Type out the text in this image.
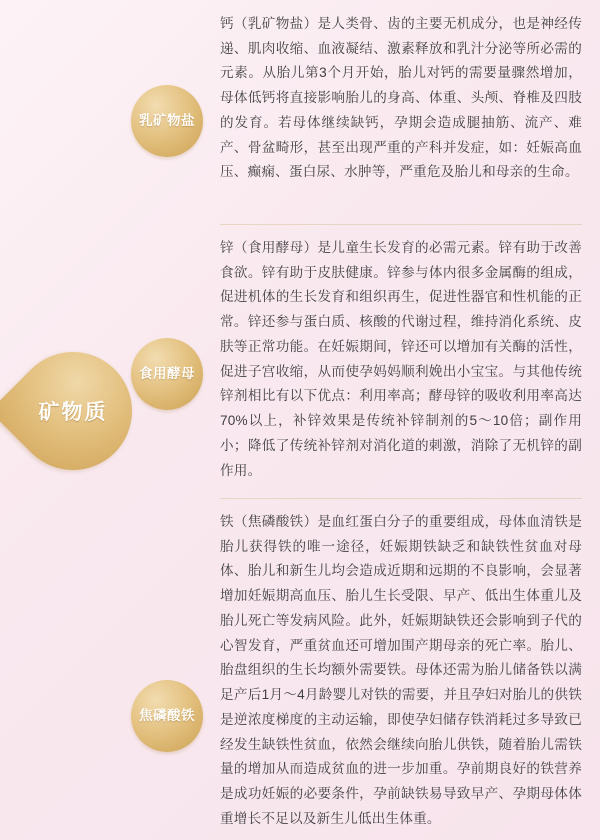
矿物质
乳矿物盐
食用酵母
焦磷酸铁
钙（乳矿物盐）是人类骨、齿的主要无机成分，也是神经传递、肌肉收缩、血液凝结、激素释放和乳汁分泌等所必需的元素。从胎儿第3个月开始，胎儿对钙的需要量骤然增加，母体低钙将直接影响胎儿的身高、体重、头颅、脊椎及四肢的发育。若母体继续缺钙，孕期会造成腿抽筋、流产、难产、骨盆畸形，甚至出现严重的产科并发症，如：妊娠高血压、癫痫、蛋白尿、水肿等，严重危及胎儿和母亲的生命。
锌（食用酵母）是儿童生长发育的必需元素。锌有助于改善食欲。锌有助于皮肤健康。锌参与体内很多金属酶的组成，促进机体的生长发育和组织再生，促进性器官和性机能的正常。锌还参与蛋白质、核酸的代谢过程，维持消化系统、皮肤等正常功能。在妊娠期间，锌还可以增加有关酶的活性，促进子宫收缩，从而使孕妈妈顺利娩出小宝宝。与其他传统锌剂相比有以下优点：利用率高；酵母锌的吸收利用率高达70%以上，补锌效果是传统补锌制剂的5～10倍；副作用小；降低了传统补锌剂对消化道的刺激，消除了无机锌的副作用。
铁（焦磷酸铁）是血红蛋白分子的重要组成，母体血清铁是胎儿获得铁的唯一途径，妊娠期铁缺乏和缺铁性贫血对母体、胎儿和新生儿均会造成近期和远期的不良影响，会显著增加妊娠期高血压、胎儿生长受限、早产、低出生体重儿及胎儿死亡等发病风险。此外，妊娠期缺铁还会影响到子代的心智发育，严重贫血还可增加围产期母亲的死亡率。胎儿、胎盘组织的生长均额外需要铁。母体还需为胎儿储备铁以满足产后1月～4月龄婴儿对铁的需要，并且孕妇对胎儿的供铁是逆浓度梯度的主动运输，即使孕妇储存铁消耗过多导致已经发生缺铁性贫血，依然会继续向胎儿供铁，随着胎儿需铁量的增加从而造成贫血的进一步加重。孕前期良好的铁营养是成功妊娠的必要条件，孕前缺铁易导致早产、孕期母体体重增长不足以及新生儿低出生体重。
